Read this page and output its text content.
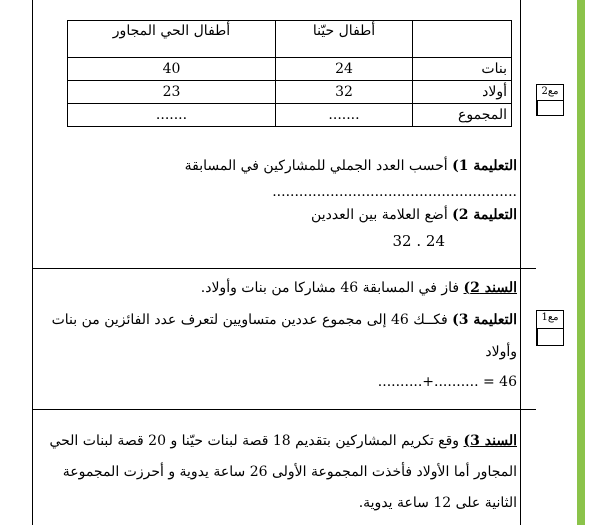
	أطفال حيّنا	أطفال الحي المجاور
بنات	24	40
أولاد	32	23
المجموع	.......	.......
مع2
مع1
التعليمة 1) أحسب العدد الجملي للمشاركين في المسابقة
.......................................................
التعليمة 2) أضع العلامة بين العددين
32 . 24
السند 2) فاز في المسابقة 46 مشاركا من بنات وأولاد.
التعليمة 3) فكــك 46 إلى مجموع عددين متساويين لتعرف عدد الفائزين من بنات
وأولاد
46 = ..........+..........
السند 3) وقع تكريم المشاركين بتقديم 18 قصة لبنات حيّنا و 20 قصة لبنات الحي
المجاور أما الأولاد فأخذت المجموعة الأولى 26 ساعة يدوية و أحرزت المجموعة
الثانية على 12 ساعة يدوية.
